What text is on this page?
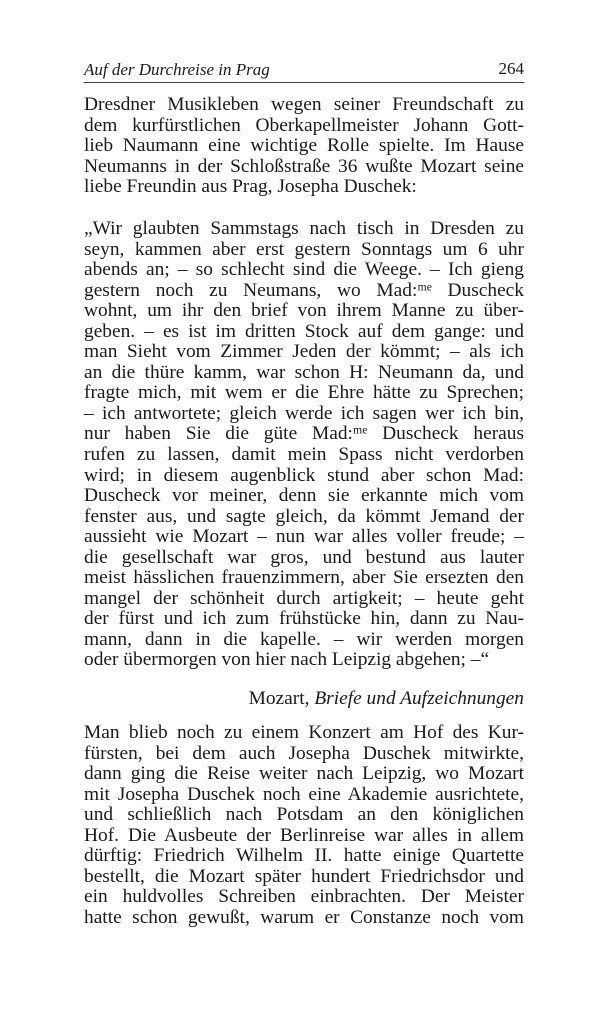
Auf der Durchreise in Prag	264
Dresdner Musikleben wegen seiner Freundschaft zu
dem kurfürstlichen Oberkapellmeister Johann Gott-
lieb Naumann eine wichtige Rolle spielte. Im Hause
Neumanns in der Schloßstraße 36 wußte Mozart seine
liebe Freundin aus Prag, Josepha Duschek:
„Wir glaubten Sammstags nach tisch in Dresden zu
seyn, kammen aber erst gestern Sonntags um 6 uhr
abends an; – so schlecht sind die Weege. – Ich gieng
gestern noch zu Neumans, wo Mad:ᵐᵉ Duscheck
wohnt, um ihr den brief von ihrem Manne zu über-
geben. – es ist im dritten Stock auf dem gange: und
man Sieht vom Zimmer Jeden der kömmt; – als ich
an die thüre kamm, war schon H: Neumann da, und
fragte mich, mit wem er die Ehre hätte zu Sprechen;
– ich antwortete; gleich werde ich sagen wer ich bin,
nur haben Sie die güte Mad:ᵐᵉ Duscheck heraus
rufen zu lassen, damit mein Spass nicht verdorben
wird; in diesem augenblick stund aber schon Mad:
Duscheck vor meiner, denn sie erkannte mich vom
fenster aus, und sagte gleich, da kömmt Jemand der
aussieht wie Mozart – nun war alles voller freude; –
die gesellschaft war gros, und bestund aus lauter
meist hässlichen frauenzimmern, aber Sie ersezten den
mangel der schönheit durch artigkeit; – heute geht
der fürst und ich zum frühstücke hin, dann zu Nau-
mann, dann in die kapelle. – wir werden morgen
oder übermorgen von hier nach Leipzig abgehen; –“
Mozart, Briefe und Aufzeichnungen
Man blieb noch zu einem Konzert am Hof des Kur-
fürsten, bei dem auch Josepha Duschek mitwirkte,
dann ging die Reise weiter nach Leipzig, wo Mozart
mit Josepha Duschek noch eine Akademie ausrichtete,
und schließlich nach Potsdam an den königlichen
Hof. Die Ausbeute der Berlinreise war alles in allem
dürftig: Friedrich Wilhelm II. hatte einige Quartette
bestellt, die Mozart später hundert Friedrichsdor und
ein huldvolles Schreiben einbrachten. Der Meister
hatte schon gewußt, warum er Constanze noch vom
